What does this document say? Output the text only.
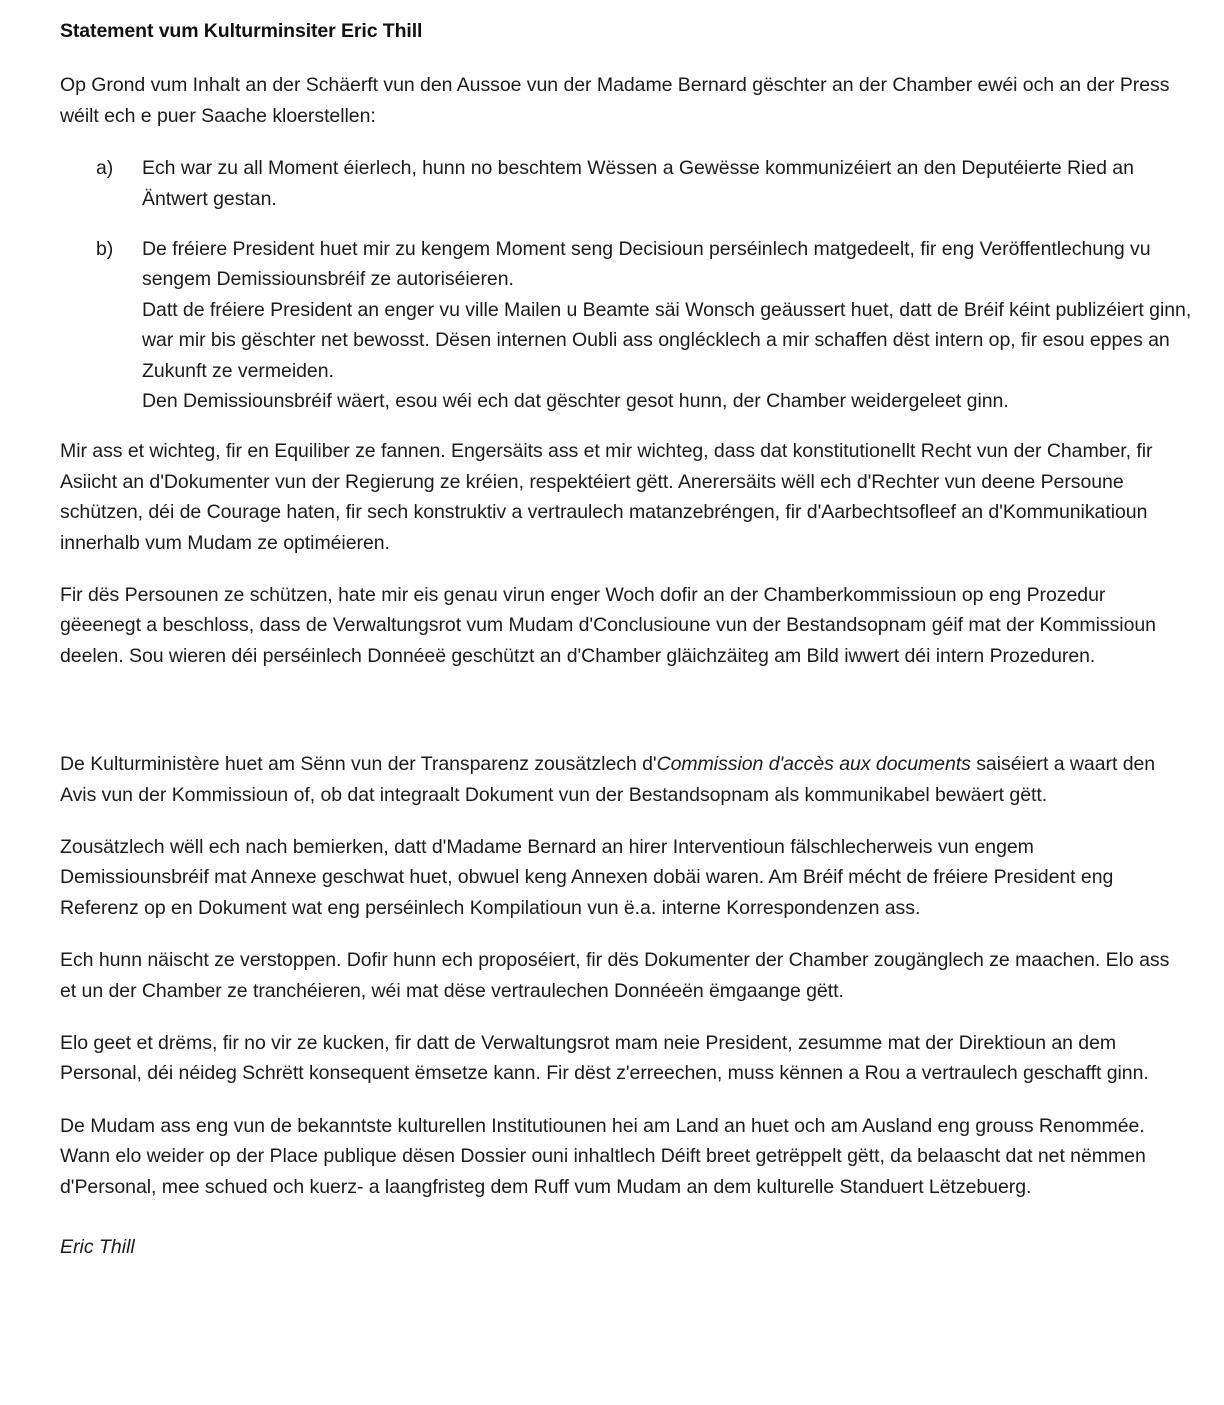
Statement vum Kulturminsiter Eric Thill

Op Grond vum Inhalt an der Schäerft vun den Aussoe vun der Madame Bernard gëschter an der Chamber ewéi och an der Press wéilt ech e puer Saache kloerstellen:

a)	Ech war zu all Moment éierlech, hunn no beschtem Wëssen a Gewësse kommunizéiert an den Deputéierte Ried an Äntwert gestan.
b)	De fréiere President huet mir zu kengem Moment seng Decisioun perséinlech matgedeelt, fir eng Veröffentlechung vu sengem Demissiounsbréif ze autoriséieren.
Datt de fréiere President an enger vu ville Mailen u Beamte säi Wonsch geäussert huet, datt de Bréif kéint publizéiert ginn, war mir bis gëschter net bewosst. Dësen internen Oubli ass onglécklech a mir schaffen dëst intern op, fir esou eppes an Zukunft ze vermeiden.
Den Demissiounsbréif wäert, esou wéi ech dat gëschter gesot hunn, der Chamber weidergeleet ginn.

Mir ass et wichteg, fir en Equiliber ze fannen. Engersäits ass et mir wichteg, dass dat konstitutionellt Recht vun der Chamber, fir Asiicht an d'Dokumenter vun der Regierung ze kréien, respektéiert gëtt. Anerersäits wëll ech d'Rechter vun deene Persoune schützen, déi de Courage haten, fir sech konstruktiv a vertraulech matanzebréngen, fir d'Aarbechtsofleef an d'Kommunikatioun innerhalb vum Mudam ze optiméieren.

Fir dës Persounen ze schützen, hate mir eis genau virun enger Woch dofir an der Chamberkommissioun op eng Prozedur gëeenegt a beschloss, dass de Verwaltungsrot vum Mudam d'Conclusioune vun der Bestandsopnam géif mat der Kommissioun deelen. Sou wieren déi perséinlech Donnéeë geschützt an d'Chamber gläichzäiteg am Bild iwwert déi intern Prozeduren.

De Kulturministère huet am Sënn vun der Transparenz zousätzlech d'Commission d'accès aux documents saiséiert a waart den Avis vun der Kommissioun of, ob dat integraalt Dokument vun der Bestandsopnam als kommunikabel bewäert gëtt.

Zousätzlech wëll ech nach bemierken, datt d'Madame Bernard an hirer Interventioun fälschlecherweis vun engem Demissiounsbréif mat Annexe geschwat huet, obwuel keng Annexen dobäi waren. Am Bréif mécht de fréiere President eng Referenz op en Dokument wat eng perséinlech Kompilatioun vun ë.a. interne Korrespondenzen ass.

Ech hunn näischt ze verstoppen. Dofir hunn ech proposéiert, fir dës Dokumenter der Chamber zougänglech ze maachen. Elo ass et un der Chamber ze tranchéieren, wéi mat dëse vertraulechen Donnéeën ëmgaange gëtt.

Elo geet et drëms, fir no vir ze kucken, fir datt de Verwaltungsrot mam neie President, zesumme mat der Direktioun an dem Personal, déi néideg Schrëtt konsequent ëmsetze kann. Fir dëst z'erreechen, muss kënnen a Rou a vertraulech geschafft ginn.

De Mudam ass eng vun de bekanntste kulturellen Institutiounen hei am Land an huet och am Ausland eng grouss Renommée. Wann elo weider op der Place publique dësen Dossier ouni inhaltlech Déift breet getrëppelt gëtt, da belaascht dat net nëmmen d'Personal, mee schued och kuerz- a laangfristeg dem Ruff vum Mudam an dem kulturelle Standuert Lëtzebuerg.

Eric Thill
